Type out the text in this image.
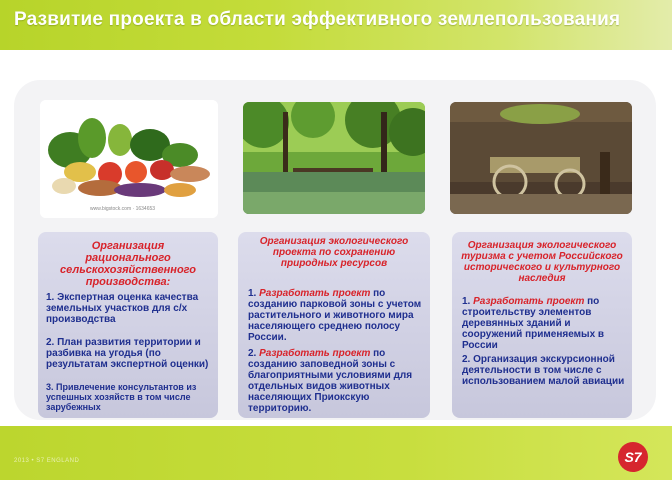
Развитие проекта в области эффективного землепользования
www.bigstock.com · 1634653
Организация рационального сельскохозяйственного производства:
1. Экспертная оценка качества земельных участков для с/х производства
2. План развития территории и разбивка на угодья (по результатам экспертной оценки)
3. Привлечение консультантов из успешных хозяйств в том числе зарубежных
Организация экологического проекта по сохранению природных ресурсов
1. Разработать проект по созданию парковой зоны с учетом растительного и животного мира населяющего среднею полосу России.
2. Разработать проект по созданию заповедной зоны с благоприятными условиями для отдельных видов животных населяющих Приокскую территорию.
Организация экологического туризма с учетом Российского исторического и культурного наследия
1. Разработать проект по строительству элементов деревянных зданий и сооружений применяемых в России
2. Организация экскурсионной деятельности в том числе с использованием малой авиации
2013 • S7 ENGLAND	S7
